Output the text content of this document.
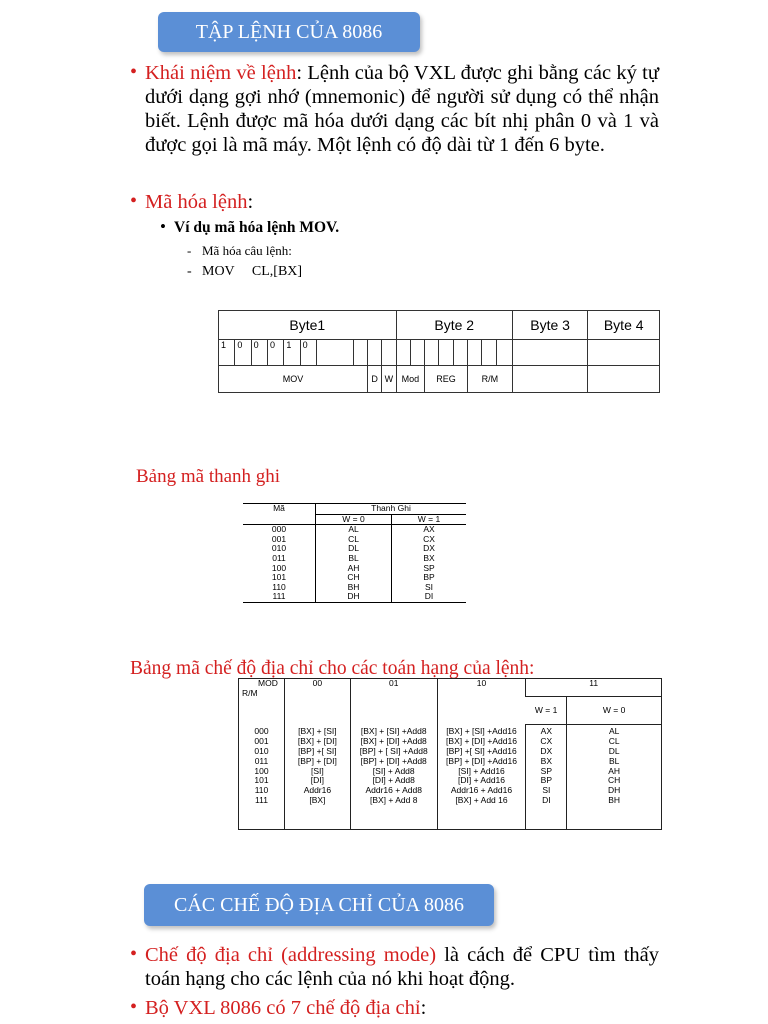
TẬP LỆNH CỦA 8086
• Khái niệm về lệnh: Lệnh của bộ VXL được ghi bằng các ký tự dưới dạng gợi nhớ (mnemonic) để người sử dụng có thể nhận biết. Lệnh được mã hóa dưới dạng các bít nhị phân 0 và 1 và được gọi là mã máy. Một lệnh có độ dài từ 1 đến 6 byte.
• Mã hóa lệnh:
• Ví dụ mã hóa lệnh MOV.
- Mã hóa câu lệnh:
- MOV     CL,[BX]
Byte1										Byte 2								Byte 3	Byte 4
1	0	0	0	1	0														
MOV								D	W	Mod		REG			R/M				
Bảng mã thanh ghi
Mã	Thanh Ghi	
	W = 0	W = 1
000	AL	AX
001	CL	CX
010	DL	DX
011	BL	BX
100	AH	SP
101	CH	BP
110	BH	SI
111	DH	DI
Bảng mã chế độ địa chỉ cho các toán hạng của lệnh:
MOD
R/M	00	01	10	11	
				W = 1	W = 0
000	[BX] + [SI]	[BX] + [SI] +Add8	[BX] + [SI] +Add16	AX	AL
001	[BX] + [DI]	[BX] + [DI] +Add8	[BX] + [DI] +Add16	CX	CL
010	[BP] +[ SI]	[BP] + [ SI] +Add8	[BP] +[ SI] +Add16	DX	DL
011	[BP] + [DI]	[BP] + [DI] +Add8	[BP] + [DI] +Add16	BX	BL
100	[SI]	[SI] + Add8	[SI] + Add16	SP	AH
101	[DI]	[DI] + Add8	[DI] + Add16	BP	CH
110	Addr16	Addr16 + Add8	Addr16 + Add16	SI	DH
111	[BX]	[BX] + Add 8	[BX] + Add 16	DI	BH

CÁC CHẾ ĐỘ ĐỊA CHỈ CỦA 8086
• Chế độ địa chỉ (addressing mode) là cách để CPU tìm thấy toán hạng cho các lệnh của nó khi hoạt động.
• Bộ VXL 8086 có 7 chế độ địa chỉ:
